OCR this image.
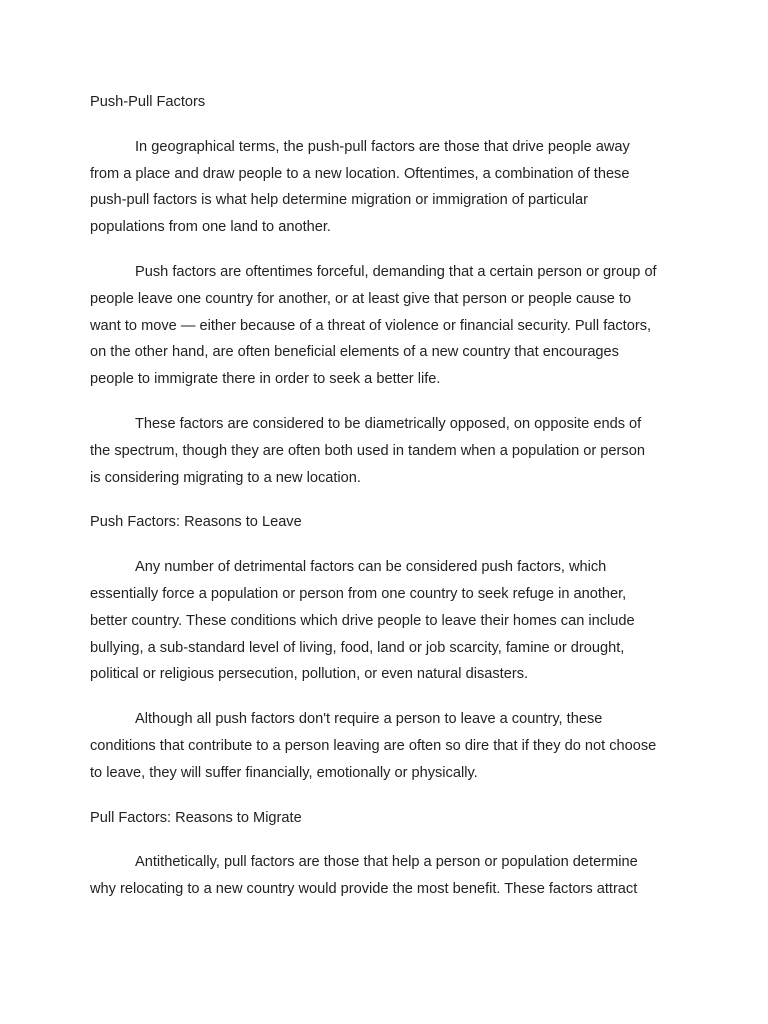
Push-Pull Factors
In geographical terms, the push-pull factors are those that drive people away
from a place and draw people to a new location. Oftentimes, a combination of these
push-pull factors is what help determine migration or immigration of particular
populations from one land to another.
Push factors are oftentimes forceful, demanding that a certain person or group of
people leave one country for another, or at least give that person or people cause to
want to move — either because of a threat of violence or financial security. Pull factors,
on the other hand, are often beneficial elements of a new country that encourages
people to immigrate there in order to seek a better life.
These factors are considered to be diametrically opposed, on opposite ends of
the spectrum, though they are often both used in tandem when a population or person
is considering migrating to a new location.
Push Factors: Reasons to Leave
Any number of detrimental factors can be considered push factors, which
essentially force a population or person from one country to seek refuge in another,
better country. These conditions which drive people to leave their homes can include
bullying, a sub-standard level of living, food, land or job scarcity, famine or drought,
political or religious persecution, pollution, or even natural disasters.
Although all push factors don't require a person to leave a country, these
conditions that contribute to a person leaving are often so dire that if they do not choose
to leave, they will suffer financially, emotionally or physically.
Pull Factors: Reasons to Migrate
Antithetically, pull factors are those that help a person or population determine
why relocating to a new country would provide the most benefit. These factors attract
